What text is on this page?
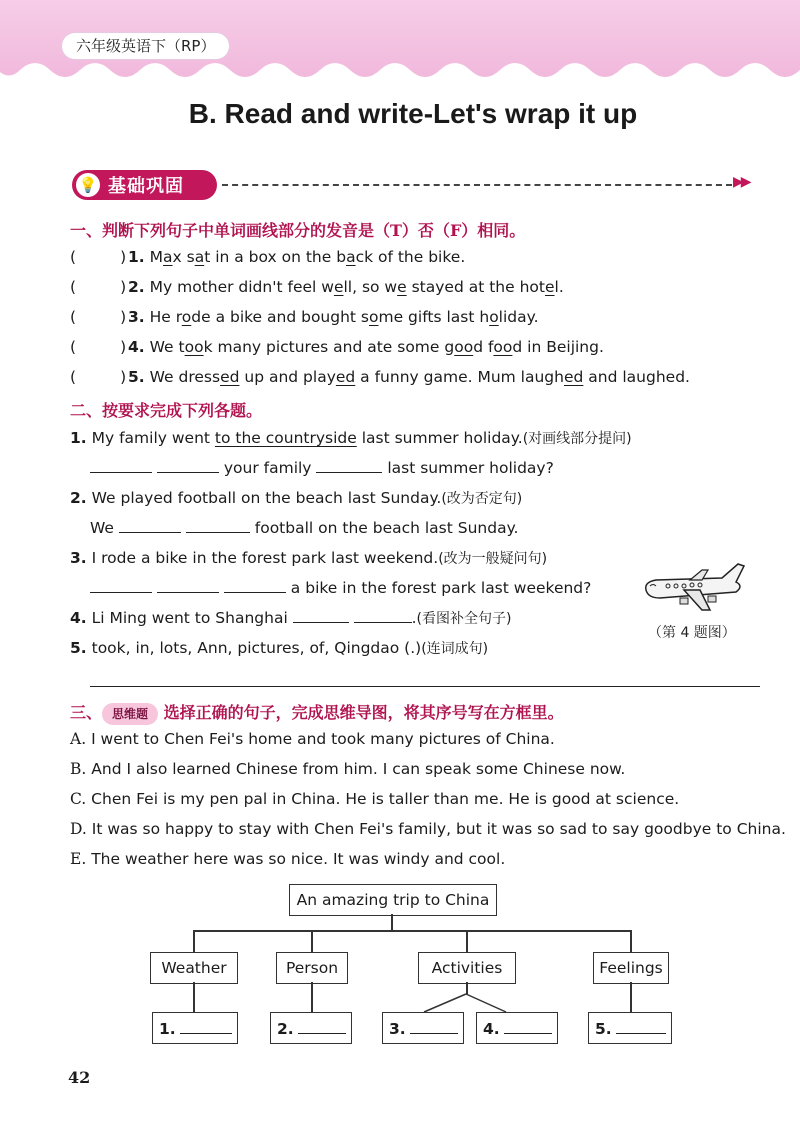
六年级英语下（RP）
B. Read and write-Let's wrap it up
💡 基础巩固	▶▶
一、判断下列句子中单词画线部分的发音是（T）否（F）相同。
(	) 1. Max sat in a box on the back of the bike.
(	) 2. My mother didn't feel well, so we stayed at the hotel.
(	) 3. He rode a bike and bought some gifts last holiday.
(	) 4. We took many pictures and ate some good food in Beijing.
(	) 5. We dressed up and played a funny game. Mum laughed and laughed.
二、按要求完成下列各题。
1. My family went to the countryside last summer holiday.(对画线部分提问)
your family	last summer holiday?
2. We played football on the beach last Sunday.(改为否定句)
We	football on the beach last Sunday.
3. I rode a bike in the forest park last weekend.(改为一般疑问句)
a bike in the forest park last weekend?
4. Li Ming went to Shanghai	.(看图补全句子)
5. took, in, lots, Ann, pictures, of, Qingdao (.)(连词成句)
（第 4 题图）
三、 思维题 选择正确的句子，完成思维导图，将其序号写在方框里。
A. I went to Chen Fei's home and took many pictures of China.
B. And I also learned Chinese from him. I can speak some Chinese now.
C. Chen Fei is my pen pal in China. He is taller than me. He is good at science.
D. It was so happy to stay with Chen Fei's family, but it was so sad to say goodbye to China.
E. The weather here was so nice. It was windy and cool.
An amazing trip to China
Weather	Person	Activities	Feelings
1.	2.	3.	4.	5.
42
